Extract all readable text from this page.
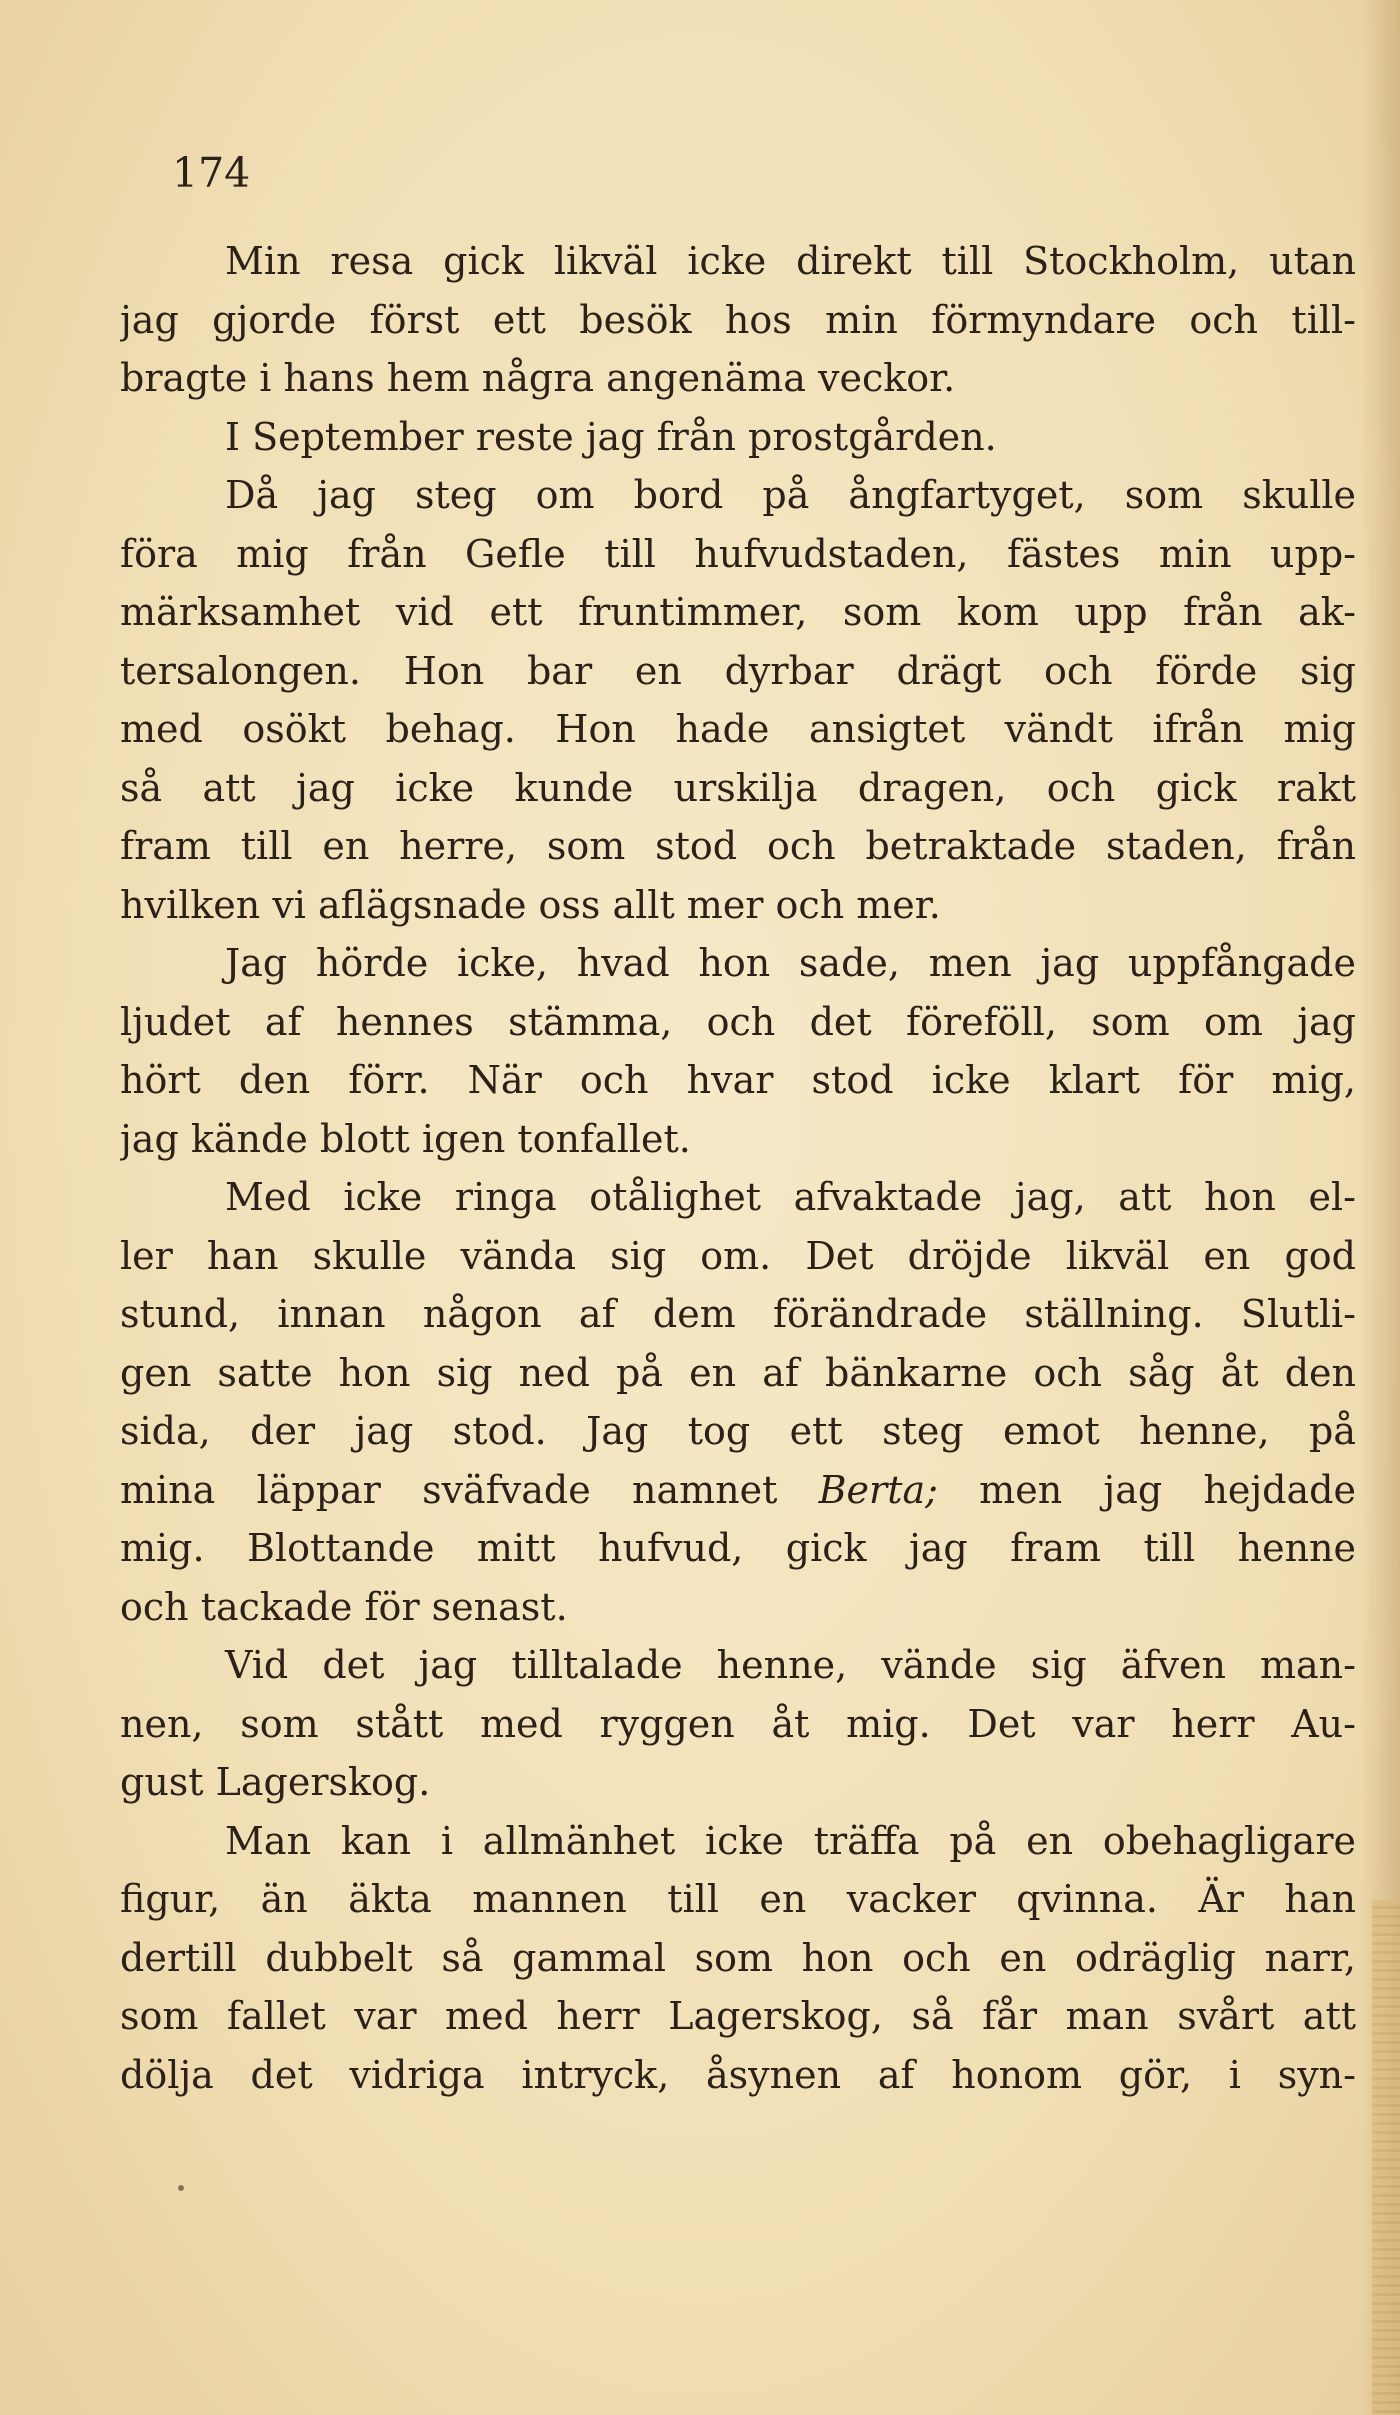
174
Min resa gick likväl icke direkt till Stockholm, utan
jag gjorde först ett besök hos min förmyndare och till-
bragte i hans hem några angenäma veckor.
I September reste jag från prostgården.
Då jag steg om bord på ångfartyget, som skulle
föra mig från Gefle till hufvudstaden, fästes min upp-
märksamhet vid ett fruntimmer, som kom upp från ak-
tersalongen. Hon bar en dyrbar drägt och förde sig
med osökt behag. Hon hade ansigtet vändt ifrån mig
så att jag icke kunde urskilja dragen, och gick rakt
fram till en herre, som stod och betraktade staden, från
hvilken vi aflägsnade oss allt mer och mer.
Jag hörde icke, hvad hon sade, men jag uppfångade
ljudet af hennes stämma, och det föreföll, som om jag
hört den förr. När och hvar stod icke klart för mig,
jag kände blott igen tonfallet.
Med icke ringa otålighet afvaktade jag, att hon el-
ler han skulle vända sig om. Det dröjde likväl en god
stund, innan någon af dem förändrade ställning. Slutli-
gen satte hon sig ned på en af bänkarne och såg åt den
sida, der jag stod. Jag tog ett steg emot henne, på
mina läppar sväfvade namnet Berta; men jag hejdade
mig. Blottande mitt hufvud, gick jag fram till henne
och tackade för senast.
Vid det jag tilltalade henne, vände sig äfven man-
nen, som stått med ryggen åt mig. Det var herr Au-
gust Lagerskog.
Man kan i allmänhet icke träffa på en obehagligare
figur, än äkta mannen till en vacker qvinna. Är han
dertill dubbelt så gammal som hon och en odräglig narr,
som fallet var med herr Lagerskog, så får man svårt att
dölja det vidriga intryck, åsynen af honom gör, i syn-
